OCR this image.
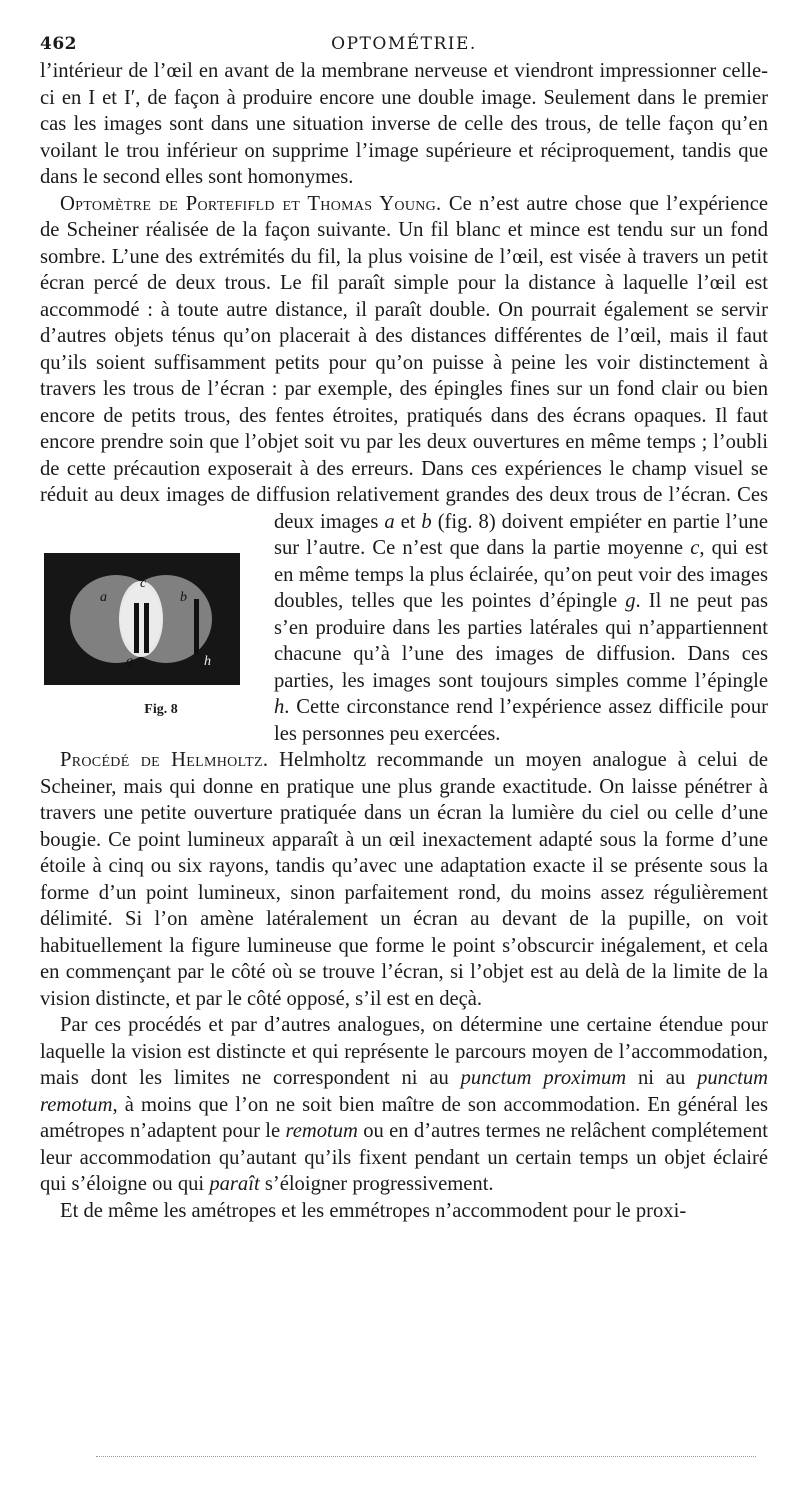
462	OPTOMÉTRIE.

l’intérieur de l’œil en avant de la membrane nerveuse et viendront impressionner celle-ci en I et I′, de façon à produire encore une double image. Seulement dans le premier cas les images sont dans une situation inverse de celle des trous, de telle façon qu’en voilant le trou inférieur on supprime l’image supérieure et réciproquement, tandis que dans le second elles sont homonymes.

Optomètre de Portefifld et Thomas Young. Ce n’est autre chose que l’expérience de Scheiner réalisée de la façon suivante. Un fil blanc et mince est tendu sur un fond sombre. L’une des extrémités du fil, la plus voisine de l’œil, est visée à travers un petit écran percé de deux trous. Le fil paraît simple pour la distance à laquelle l’œil est accommodé : à toute autre distance, il paraît double. On pourrait également se servir d’autres objets ténus qu’on placerait à des distances différentes de l’œil, mais il faut qu’ils soient suffisamment petits pour qu’on puisse à peine les voir distinctement à travers les trous de l’écran : par exemple, des épingles fines sur un fond clair ou bien encore de petits trous, des fentes étroites, pratiqués dans des écrans opaques. Il faut encore prendre soin que l’objet soit vu par les deux ouvertures en même temps ; l’oubli de cette précaution exposerait à des erreurs. Dans ces expériences le champ visuel se réduit au deux images de diffusion relativement grandes des deux trous de l’écran. Ces deux images
a	b
c
g	h
Fig. 8
a et b (fig. 8) doivent empiéter en partie l’une sur l’autre. Ce n’est que dans la partie moyenne c, qui est en même temps la plus éclairée, qu’on peut voir des images doubles, telles que les pointes d’épingle g. Il ne peut pas s’en produire dans les parties latérales qui n’appartiennent chacune qu’à l’une des images de diffusion. Dans ces parties, les images sont toujours simples comme l’épingle h. Cette circonstance rend l’expérience assez difficile pour les personnes peu exercées.

Procédé de Helmholtz. Helmholtz recommande un moyen analogue à celui de Scheiner, mais qui donne en pratique une plus grande exactitude. On laisse pénétrer à travers une petite ouverture pratiquée dans un écran la lumière du ciel ou celle d’une bougie. Ce point lumineux apparaît à un œil inexactement adapté sous la forme d’une étoile à cinq ou six rayons, tandis qu’avec une adaptation exacte il se présente sous la forme d’un point lumineux, sinon parfaitement rond, du moins assez régulièrement délimité. Si l’on amène latéralement un écran au devant de la pupille, on voit habituellement la figure lumineuse que forme le point s’obscurcir inégalement, et cela en commençant par le côté où se trouve l’écran, si l’objet est au delà de la limite de la vision distincte, et par le côté opposé, s’il est en deçà.

Par ces procédés et par d’autres analogues, on détermine une certaine étendue pour laquelle la vision est distincte et qui représente le parcours moyen de l’accommodation, mais dont les limites ne correspondent ni au punctum proximum ni au punctum remotum, à moins que l’on ne soit bien maître de son accommodation. En général les amétropes n’adaptent pour le remotum ou en d’autres termes ne relâchent complétement leur accommodation qu’autant qu’ils fixent pendant un certain temps un objet éclairé qui s’éloigne ou qui paraît s’éloigner progressivement.

Et de même les amétropes et les emmétropes n’accommodent pour le proxi-
